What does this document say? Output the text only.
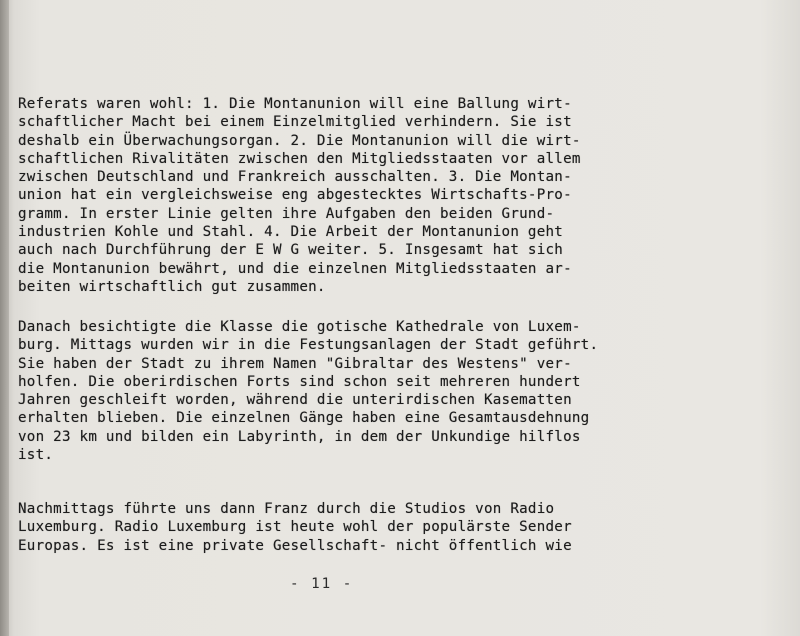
Referats waren wohl: 1. Die Montanunion will eine Ballung wirt-
schaftlicher Macht bei einem Einzelmitglied verhindern. Sie ist
deshalb ein Überwachungsorgan. 2. Die Montanunion will die wirt-
schaftlichen Rivalitäten zwischen den Mitgliedsstaaten vor allem
zwischen Deutschland und Frankreich ausschalten. 3. Die Montan-
union hat ein vergleichsweise eng abgestecktes Wirtschafts-Pro-
gramm. In erster Linie gelten ihre Aufgaben den beiden Grund-
industrien Kohle und Stahl. 4. Die Arbeit der Montanunion geht
auch nach Durchführung der E W G weiter. 5. Insgesamt hat sich
die Montanunion bewährt, und die einzelnen Mitgliedsstaaten ar-
beiten wirtschaftlich gut zusammen.

Danach besichtigte die Klasse die gotische Kathedrale von Luxem-
burg. Mittags wurden wir in die Festungsanlagen der Stadt geführt.
Sie haben der Stadt zu ihrem Namen "Gibraltar des Westens" ver-
holfen. Die oberirdischen Forts sind schon seit mehreren hundert
Jahren geschleift worden, während die unterirdischen Kasematten
erhalten blieben. Die einzelnen Gänge haben eine Gesamtausdehnung
von 23 km und bilden ein Labyrinth, in dem der Unkundige hilflos
ist.

Nachmittags führte uns dann Franz durch die Studios von Radio
Luxemburg. Radio Luxemburg ist heute wohl der populärste Sender
Europas. Es ist eine private Gesellschaft- nicht öffentlich wie

- 11 -
